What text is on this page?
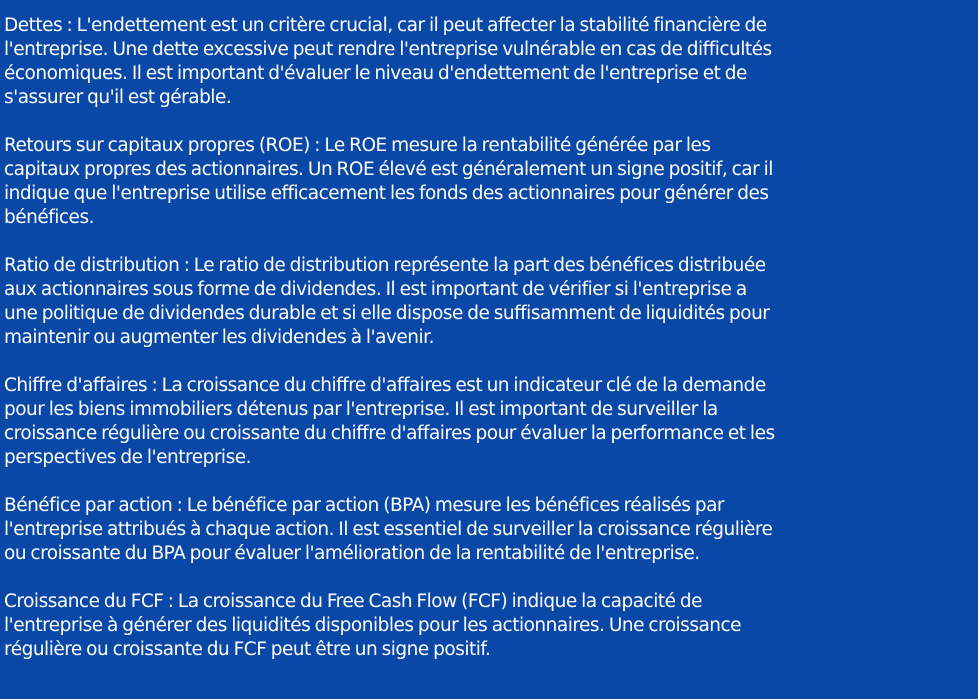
Dettes : L'endettement est un critère crucial, car il peut affecter la stabilité financière de
l'entreprise. Une dette excessive peut rendre l'entreprise vulnérable en cas de difficultés
économiques. Il est important d'évaluer le niveau d'endettement de l'entreprise et de
s'assurer qu'il est gérable.

Retours sur capitaux propres (ROE) : Le ROE mesure la rentabilité générée par les
capitaux propres des actionnaires. Un ROE élevé est généralement un signe positif, car il
indique que l'entreprise utilise efficacement les fonds des actionnaires pour générer des
bénéfices.

Ratio de distribution : Le ratio de distribution représente la part des bénéfices distribuée
aux actionnaires sous forme de dividendes. Il est important de vérifier si l'entreprise a
une politique de dividendes durable et si elle dispose de suffisamment de liquidités pour
maintenir ou augmenter les dividendes à l'avenir.

Chiffre d'affaires : La croissance du chiffre d'affaires est un indicateur clé de la demande
pour les biens immobiliers détenus par l'entreprise. Il est important de surveiller la
croissance régulière ou croissante du chiffre d'affaires pour évaluer la performance et les
perspectives de l'entreprise.

Bénéfice par action : Le bénéfice par action (BPA) mesure les bénéfices réalisés par
l'entreprise attribués à chaque action. Il est essentiel de surveiller la croissance régulière
ou croissante du BPA pour évaluer l'amélioration de la rentabilité de l'entreprise.

Croissance du FCF : La croissance du Free Cash Flow (FCF) indique la capacité de
l'entreprise à générer des liquidités disponibles pour les actionnaires. Une croissance
régulière ou croissante du FCF peut être un signe positif.
